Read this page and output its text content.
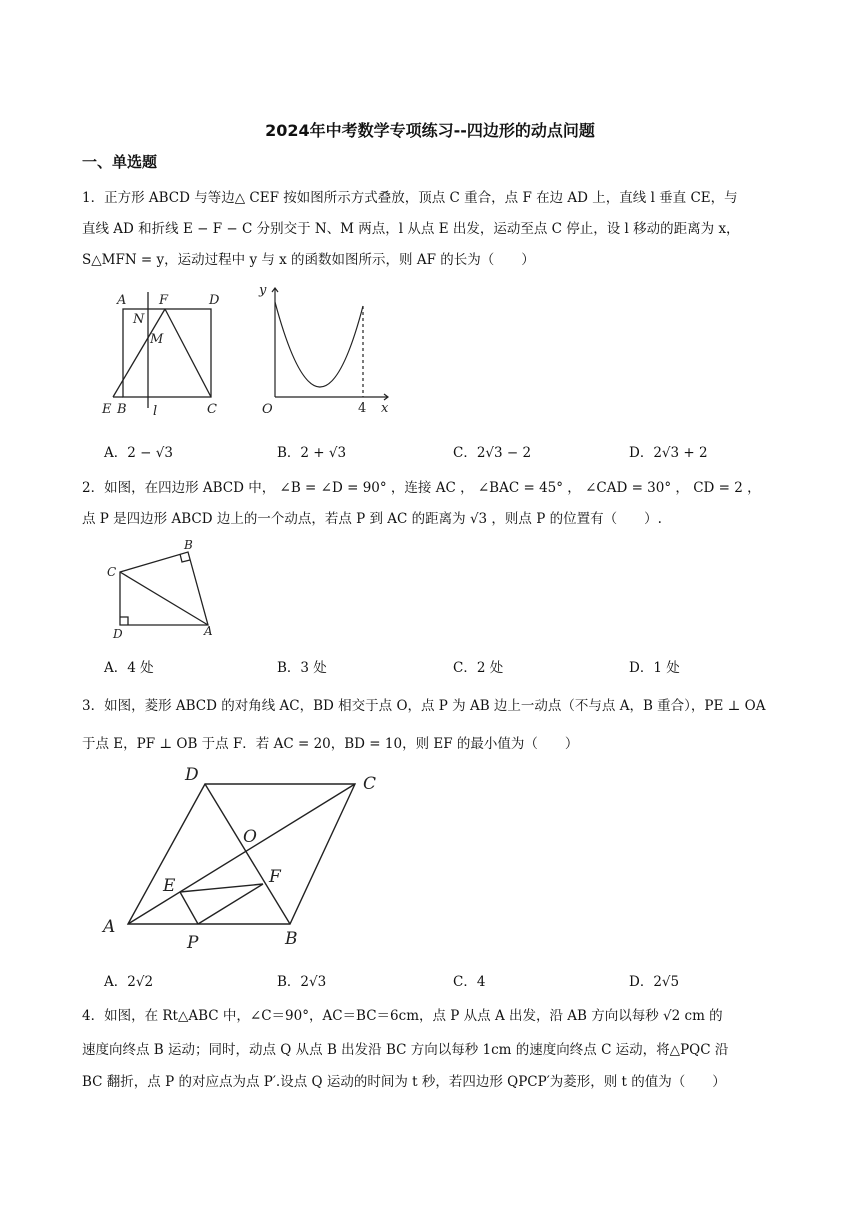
2024年中考数学专项练习--四边形的动点问题
一、单选题
1．正方形 ABCD 与等边△ CEF 按如图所示方式叠放，顶点 C 重合，点 F 在边 AD 上，直线 l 垂直 CE，与
直线 AD 和折线 E − F − C 分别交于 N、M 两点，l 从点 E 出发，运动至点 C 停止，设 l 移动的距离为 x，
S△MFN = y，运动过程中 y 与 x 的函数如图所示，则 AF 的长为（　　）
A	F	D
N
M
E B l	C
y
O	4 x
A．2 − √3	B．2 + √3	C．2√3 − 2	D．2√3 + 2
2．如图，在四边形 ABCD 中， ∠B = ∠D = 90° ，连接 AC ， ∠BAC = 45° ， ∠CAD = 30° ， CD = 2 ，
点 P 是四边形 ABCD 边上的一个动点，若点 P 到 AC 的距离为 √3 ，则点 P 的位置有（　　）.
B
C
D	A
A．4 处	B．3 处	C．2 处	D．1 处
3．如图，菱形 ABCD 的对角线 AC，BD 相交于点 O，点 P 为 AB 边上一动点（不与点 A，B 重合），PE ⊥ OA
于点 E，PF ⊥ OB 于点 F．若 AC = 20，BD = 10，则 EF 的最小值为（　　）
D	C
O
E	F
A
P	B
A．2√2	B．2√3	C．4	D．2√5
4．如图，在 Rt△ABC 中，∠C＝90°，AC＝BC＝6cm，点 P 从点 A 出发，沿 AB 方向以每秒 √2 cm 的
速度向终点 B 运动；同时，动点 Q 从点 B 出发沿 BC 方向以每秒 1cm 的速度向终点 C 运动，将△PQC 沿
BC 翻折，点 P 的对应点为点 P′.设点 Q 运动的时间为 t 秒，若四边形 QPCP′为菱形，则 t 的值为（　　）
